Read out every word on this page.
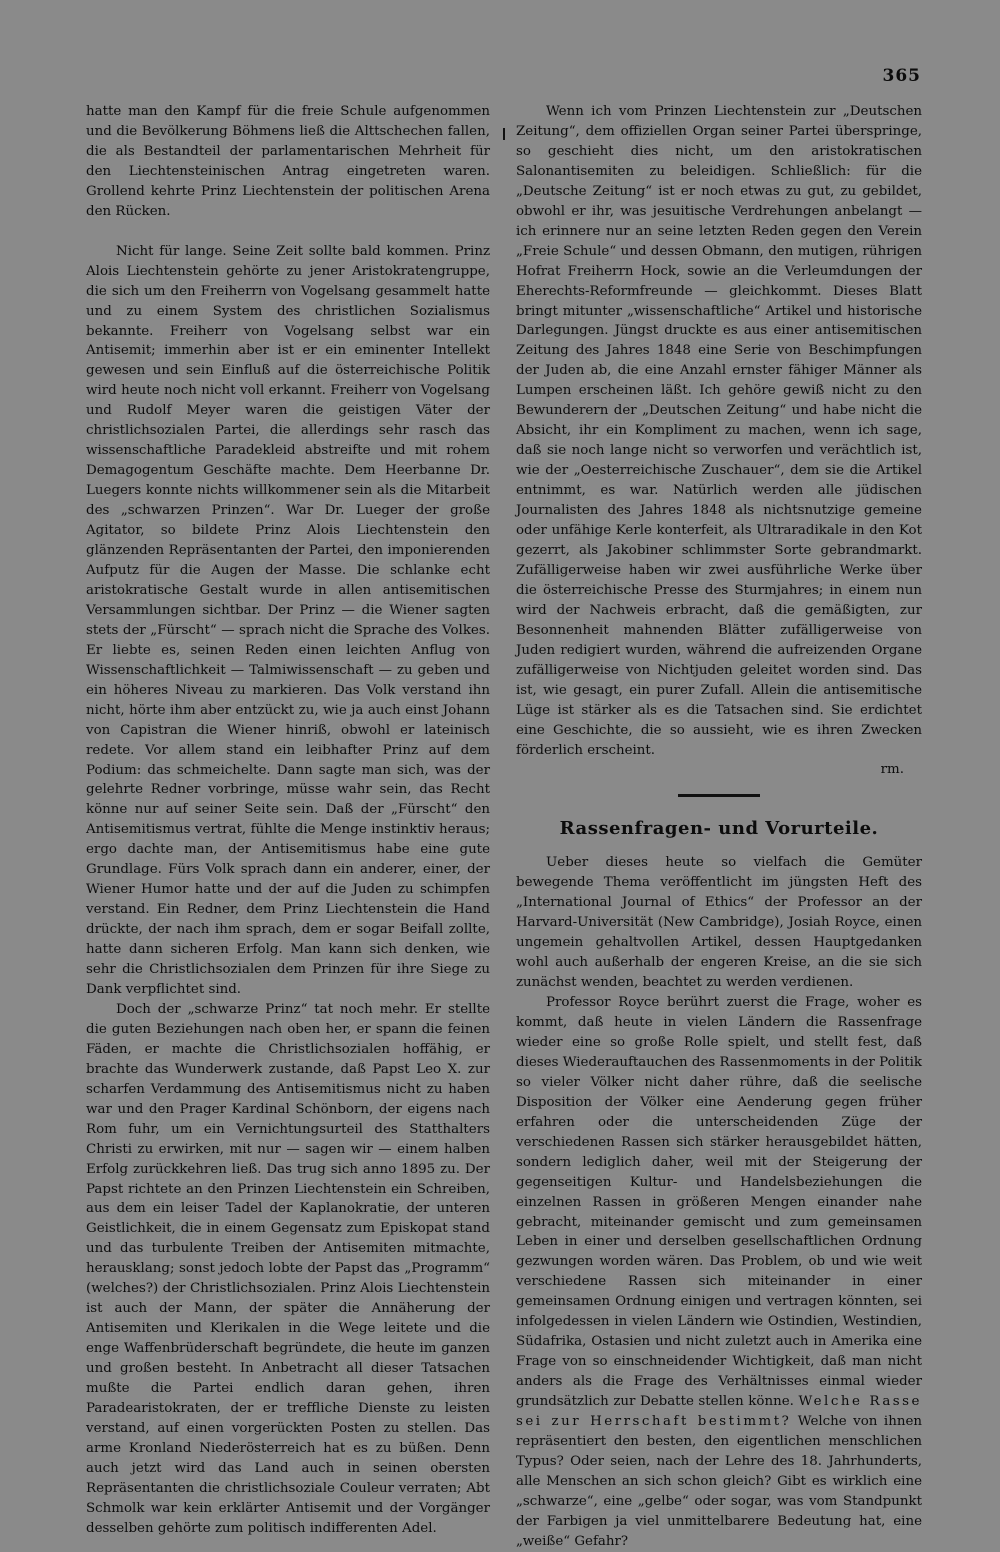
365

hatte man den Kampf für die freie Schule aufgenommen und die Bevölkerung Böhmens ließ die Alttschechen fallen, die als Bestandteil der parlamentarischen Mehrheit für den Liechtensteinischen Antrag eingetreten waren. Grollend kehrte Prinz Liechtenstein der politischen Arena den Rücken.

Nicht für lange. Seine Zeit sollte bald kommen. Prinz Alois Liechtenstein gehörte zu jener Aristokratengruppe, die sich um den Freiherrn von Vogelsang gesammelt hatte und zu einem System des christlichen Sozialismus bekannte. Freiherr von Vogelsang selbst war ein Antisemit; immerhin aber ist er ein eminenter Intellekt gewesen und sein Einfluß auf die österreichische Politik wird heute noch nicht voll erkannt. Freiherr von Vogelsang und Rudolf Meyer waren die geistigen Väter der christlichsozialen Partei, die allerdings sehr rasch das wissenschaftliche Paradekleid abstreifte und mit rohem Demagogentum Geschäfte machte. Dem Heerbanne Dr. Luegers konnte nichts willkommener sein als die Mitarbeit des „schwarzen Prinzen“. War Dr. Lueger der große Agitator, so bildete Prinz Alois Liechtenstein den glänzenden Repräsentanten der Partei, den imponierenden Aufputz für die Augen der Masse. Die schlanke echt aristokratische Gestalt wurde in allen antisemitischen Versammlungen sichtbar. Der Prinz — die Wiener sagten stets der „Fürscht“ — sprach nicht die Sprache des Volkes. Er liebte es, seinen Reden einen leichten Anflug von Wissenschaftlichkeit — Talmiwissenschaft — zu geben und ein höheres Niveau zu markieren. Das Volk verstand ihn nicht, hörte ihm aber entzückt zu, wie ja auch einst Johann von Capistran die Wiener hinriß, obwohl er lateinisch redete. Vor allem stand ein leibhafter Prinz auf dem Podium: das schmeichelte. Dann sagte man sich, was der gelehrte Redner vorbringe, müsse wahr sein, das Recht könne nur auf seiner Seite sein. Daß der „Fürscht“ den Antisemitismus vertrat, fühlte die Menge instinktiv heraus; ergo dachte man, der Antisemitismus habe eine gute Grundlage. Fürs Volk sprach dann ein anderer, einer, der Wiener Humor hatte und der auf die Juden zu schimpfen verstand. Ein Redner, dem Prinz Liechtenstein die Hand drückte, der nach ihm sprach, dem er sogar Beifall zollte, hatte dann sicheren Erfolg. Man kann sich denken, wie sehr die Christlichsozialen dem Prinzen für ihre Siege zu Dank verpflichtet sind.

Doch der „schwarze Prinz“ tat noch mehr. Er stellte die guten Beziehungen nach oben her, er spann die feinen Fäden, er machte die Christlichsozialen hoffähig, er brachte das Wunderwerk zustande, daß Papst Leo X. zur scharfen Verdammung des Antisemitismus nicht zu haben war und den Prager Kardinal Schönborn, der eigens nach Rom fuhr, um ein Vernichtungsurteil des Statthalters Christi zu erwirken, mit nur — sagen wir — einem halben Erfolg zurückkehren ließ. Das trug sich anno 1895 zu. Der Papst richtete an den Prinzen Liechtenstein ein Schreiben, aus dem ein leiser Tadel der Kaplanokratie, der unteren Geistlichkeit, die in einem Gegensatz zum Episkopat stand und das turbulente Treiben der Antisemiten mitmachte, herausklang; sonst jedoch lobte der Papst das „Programm“ (welches?) der Christlichsozialen. Prinz Alois Liechtenstein ist auch der Mann, der später die Annäherung der Antisemiten und Klerikalen in die Wege leitete und die enge Waffenbrüderschaft begründete, die heute im ganzen und großen besteht. In Anbetracht all dieser Tatsachen mußte die Partei endlich daran gehen, ihren Paradearistokraten, der er treffliche Dienste zu leisten verstand, auf einen vorgerückten Posten zu stellen. Das arme Kronland Niederösterreich hat es zu büßen. Denn auch jetzt wird das Land auch in seinen obersten Repräsentanten die christlichsoziale Couleur verraten; Abt Schmolk war kein erklärter Antisemit und der Vorgänger desselben gehörte zum politisch indifferenten Adel.

Wenn ich vom Prinzen Liechtenstein zur „Deutschen Zeitung“, dem offiziellen Organ seiner Partei überspringe, so geschieht dies nicht, um den aristokratischen Salonantisemiten zu beleidigen. Schließlich: für die „Deutsche Zeitung“ ist er noch etwas zu gut, zu gebildet, obwohl er ihr, was jesuitische Verdrehungen anbelangt — ich erinnere nur an seine letzten Reden gegen den Verein „Freie Schule“ und dessen Obmann, den mutigen, rührigen Hofrat Freiherrn Hock, sowie an die Verleumdungen der Eherechts-Reformfreunde — gleichkommt. Dieses Blatt bringt mitunter „wissenschaftliche“ Artikel und historische Darlegungen. Jüngst druckte es aus einer antisemitischen Zeitung des Jahres 1848 eine Serie von Beschimpfungen der Juden ab, die eine Anzahl ernster fähiger Männer als Lumpen erscheinen läßt. Ich gehöre gewiß nicht zu den Bewunderern der „Deutschen Zeitung“ und habe nicht die Absicht, ihr ein Kompliment zu machen, wenn ich sage, daß sie noch lange nicht so verworfen und verächtlich ist, wie der „Oesterreichische Zuschauer“, dem sie die Artikel entnimmt, es war. Natürlich werden alle jüdischen Journalisten des Jahres 1848 als nichtsnutzige gemeine oder unfähige Kerle konterfeit, als Ultraradikale in den Kot gezerrt, als Jakobiner schlimmster Sorte gebrandmarkt. Zufälligerweise haben wir zwei ausführliche Werke über die österreichische Presse des Sturmjahres; in einem nun wird der Nachweis erbracht, daß die gemäßigten, zur Besonnenheit mahnenden Blätter zufälligerweise von Juden redigiert wurden, während die aufreizenden Organe zufälligerweise von Nichtjuden geleitet worden sind. Das ist, wie gesagt, ein purer Zufall. Allein die antisemitische Lüge ist stärker als es die Tatsachen sind. Sie erdichtet eine Geschichte, die so aussieht, wie es ihren Zwecken förderlich erscheint.

rm.
Rassenfragen- und Vorurteile.

Ueber dieses heute so vielfach die Gemüter bewegende Thema veröffentlicht im jüngsten Heft des „International Journal of Ethics“ der Professor an der Harvard-Universität (New Cambridge), Josiah Royce, einen ungemein gehaltvollen Artikel, dessen Hauptgedanken wohl auch außerhalb der engeren Kreise, an die sie sich zunächst wenden, beachtet zu werden verdienen.

Professor Royce berührt zuerst die Frage, woher es kommt, daß heute in vielen Ländern die Rassenfrage wieder eine so große Rolle spielt, und stellt fest, daß dieses Wiederauftauchen des Rassenmoments in der Politik so vieler Völker nicht daher rühre, daß die seelische Disposition der Völker eine Aenderung gegen früher erfahren oder die unterscheidenden Züge der verschiedenen Rassen sich stärker herausgebildet hätten, sondern lediglich daher, weil mit der Steigerung der gegenseitigen Kultur- und Handelsbeziehungen die einzelnen Rassen in größeren Mengen einander nahe gebracht, miteinander gemischt und zum gemeinsamen Leben in einer und derselben gesellschaftlichen Ordnung gezwungen worden wären. Das Problem, ob und wie weit verschiedene Rassen sich miteinander in einer gemeinsamen Ordnung einigen und vertragen könnten, sei infolgedessen in vielen Ländern wie Ostindien, Westindien, Südafrika, Ostasien und nicht zuletzt auch in Amerika eine Frage von so einschneidender Wichtigkeit, daß man nicht anders als die Frage des Verhältnisses einmal wieder grundsätzlich zur Debatte stellen könne. Welche Rasse sei zur Herrschaft bestimmt? Welche von ihnen repräsentiert den besten, den eigentlichen menschlichen Typus? Oder seien, nach der Lehre des 18. Jahrhunderts, alle Menschen an sich schon gleich? Gibt es wirklich eine „schwarze“, eine „gelbe“ oder sogar, was vom Standpunkt der Farbigen ja viel unmittelbarere Bedeutung hat, eine „weiße“ Gefahr?
